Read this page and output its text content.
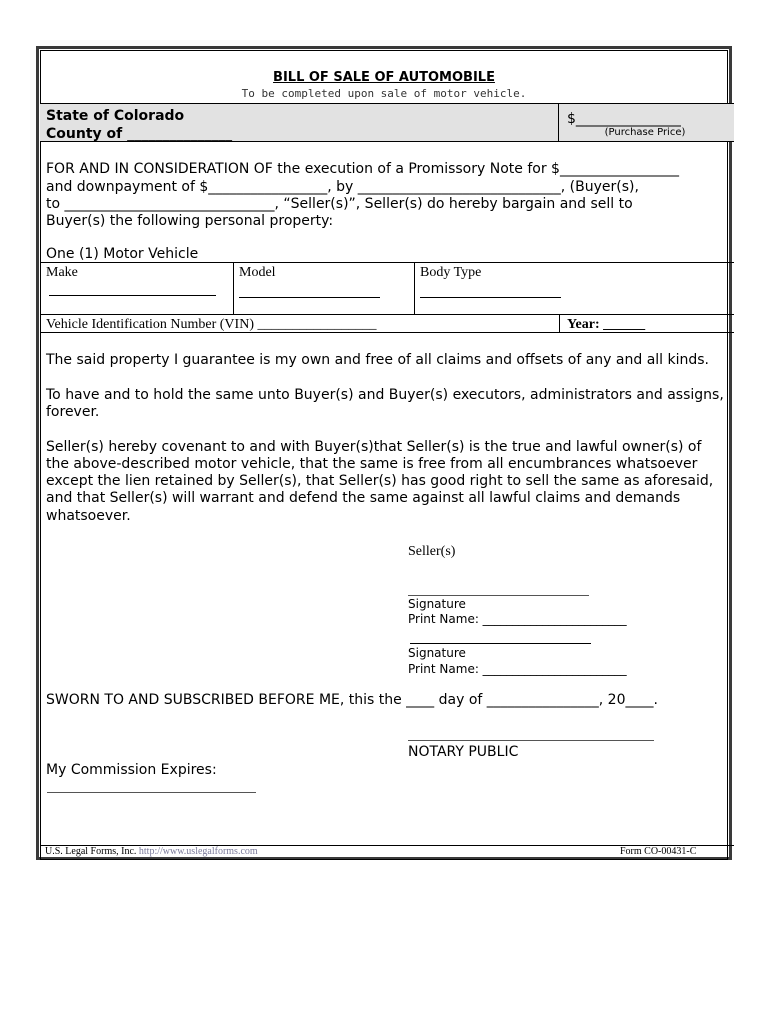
BILL OF SALE OF AUTOMOBILE
To be completed upon sale of motor vehicle.
State of Colorado
County of _______________
$_______________
(Purchase Price)
FOR AND IN CONSIDERATION OF the execution of a Promissory Note for $_________________
and downpayment of $_________________, by _____________________________, (Buyer(s),
to ______________________________, “Seller(s)”, Seller(s) do hereby bargain and sell to
Buyer(s) the following personal property:
One (1) Motor Vehicle
Make	Model	Body Type
Vehicle Identification Number (VIN) _________________	Year: ______
The said property I guarantee is my own and free of all claims and offsets of any and all kinds.
To have and to hold the same unto Buyer(s) and Buyer(s) executors, administrators and assigns,
forever.
Seller(s) hereby covenant to and with Buyer(s)that Seller(s) is the true and lawful owner(s) of
the above-described motor vehicle, that the same is free from all encumbrances whatsoever
except the lien retained by Seller(s), that Seller(s) has good right to sell the same as aforesaid,
and that Seller(s) will warrant and defend the same against all lawful claims and demands
whatsoever.
Seller(s)
Signature
Print Name: ________________________
Signature
Print Name: ________________________
SWORN TO AND SUBSCRIBED BEFORE ME, this the ____ day of ________________, 20____.
NOTARY PUBLIC
My Commission Expires:
U.S. Legal Forms, Inc. http://www.uslegalforms.com	Form CO-00431-C
